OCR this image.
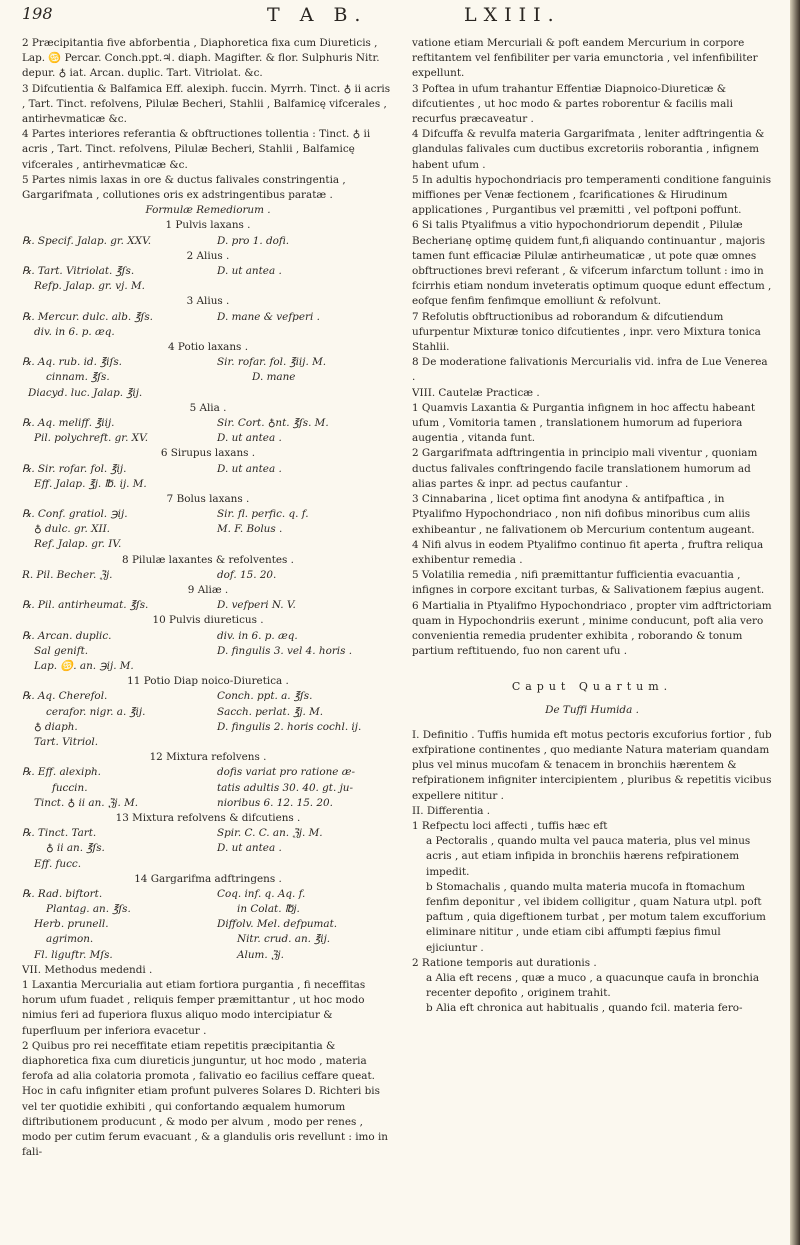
198	T A B.	LXIII.
2 Præcipitantia five abforbentia , Diaphoretica fixa cum Diureticis , Lap. ♋ Percar. Conch.ppt.♃. diaph. Magifter. & flor. Sulphuris Nitr. depur. ♁ iat. Arcan. duplic. Tart. Vitriolat. &c.
3 Difcutientia & Balfamica Eff. alexiph. fuccin. Myrrh. Tinct. ♁ ii acris , Tart. Tinct. refolvens, Pilulæ Becheri, Stahlii , Balfamicę vifcerales , antirhevmaticæ &c.
4 Partes interiores referantia & obftructiones tollentia : Tinct. ♁ ii acris , Tart. Tinct. refolvens, Pilulæ Becheri, Stahlii , Balfamicę vifcerales , antirhevmaticæ &c.
5 Partes nimis laxas in ore & ductus falivales constringentia , Gargarifmata , collutiones oris ex adstringentibus paratæ .
Formulæ Remediorum .
1 Pulvis laxans .
℞. Specif. Jalap. gr. XXV.	D. pro 1. dofi.
2 Alius .
℞. Tart. Vitriolat. ℥ſs.	D. ut antea .
Refp. Jalap. gr. vj. M.
3 Alius .
℞. Mercur. dulc. alb. ℥ſs.	D. mane & vefperi .
div. in 6. p. æq.
4 Potio laxans .
℞. Aq. rub. id. ℥iſs.	Sir. rofar. fol. ℥iij. M.
cinnam. ℥ſs.	D. mane
Diacyd. luc. Jalap. ℥ij.
5 Alia .
℞. Aq. meliff. ℥iij.	Sir. Cort. ♁nt. ℥ſs. M.
Pil. polychreft. gr. XV.	D. ut antea .
6 Sirupus laxans .
℞. Sir. rofar. fol. ℥ij.	D. ut antea .
Eff. Jalap. ℥j. ℔. ij. M.
7 Bolus laxans .
℞. Conf. gratiol. ℈ij.	Sir. fl. perfic. q. f.
♁ dulc. gr. XII.	M. F. Bolus .
Ref. Jalap. gr. IV.
8 Pilulæ laxantes & refolventes .
R. Pil. Becher. ℨj.	dof. 15. 20.
9 Aliæ .
℞. Pil. antirheumat. ℥ſs.	D. vefperi N. V.
10 Pulvis diureticus .
℞. Arcan. duplic.	div. in 6. p. æq.
Sal genift.	D. fingulis 3. vel 4. horis .
Lap. ♋. an. ℈ij. M.
11 Potio Diap noico-Diuretica .
℞. Aq. Cherefol.	Conch. ppt. a. ℥ſs.
cerafor. nigr. a. ℥ij.	Sacch. perlat. ℥j. M.
♁ diaph.	D. fingulis 2. horis cochl. ij.
Tart. Vitriol.
12 Mixtura refolvens .
℞. Eff. alexiph.	dofis variat pro ratione æ-
fuccin.	tatis adultis 30. 40. gt. ju-
Tinct. ♁ ii an. ℨj. M.	nioribus 6. 12. 15. 20.
13 Mixtura refolvens & difcutiens .
℞. Tinct. Tart.	Spir. C. C. an. ℨj. M.
♁ ii an. ℥ſs.	D. ut antea .
Eff. fucc.
14 Gargarifma adftringens .
℞. Rad. biftort.	Coq. inf. q. Aq. f.
Plantag. an. ℥ſs.	in Colat. ℔j.
Herb. prunell.	Diffolv. Mel. defpumat.
agrimon.	Nitr. crud. an. ℥ij.
Fl. liguftr. Mſs.	Alum. ℨj.
VII. Methodus medendi .
1 Laxantia Mercurialia aut etiam fortiora purgantia , fi neceffitas horum ufum fuadet , reliquis femper præmittantur , ut hoc modo nimius feri ad fuperiora fluxus aliquo modo intercipiatur & fuperfluum per inferiora evacetur .
2 Quibus pro rei neceffitate etiam repetitis præcipitantia & diaphoretica fixa cum diureticis junguntur, ut hoc modo , materia ferofa ad alia colatoria promota , falivatio eo facilius ceffare queat. Hoc in cafu infigniter etiam profunt pulveres Solares D. Richteri bis vel ter quotidie exhibiti , qui confortando æqualem humorum diftributionem producunt , & modo per alvum , modo per renes , modo per cutim ferum evacuant , & a glandulis oris revellunt : imo in fali-
vatione etiam Mercuriali & poft eandem Mercurium in corpore reftitantem vel fenfibiliter per varia emunctoria , vel infenfibiliter expellunt.
3 Poftea in ufum trahantur Effentiæ Diapnoico-Diureticæ & difcutientes , ut hoc modo & partes roborentur & facilis mali recurfus præcaveatur .
4 Difcuffa & revulfa materia Gargarifmata , leniter adftringentia & glandulas falivales cum ductibus excretoriis roborantia , infignem habent ufum .
5 In adultis hypochondriacis pro temperamenti conditione fanguinis miffiones per Venæ fectionem , fcarificationes & Hirudinum applicationes , Purgantibus vel præmitti , vel poftponi poffunt.
6 Si talis Ptyalifmus a vitio hypochondriorum dependit , Pilulæ Becherianę optimę quidem funt,fi aliquando continuantur , majoris tamen funt efficaciæ Pilulæ antirheumaticæ , ut pote quæ omnes obftructiones brevi referant , & vifcerum infarctum tollunt : imo in fcirrhis etiam nondum inveteratis optimum quoque edunt effectum , eofque fenfim fenfimque emolliunt & refolvunt.
7 Refolutis obftructionibus ad roborandum & difcutiendum ufurpentur Mixturæ tonico difcutientes , inpr. vero Mixtura tonica Stahlii.
8 De moderatione falivationis Mercurialis vid. infra de Lue Venerea .
VIII. Cautelæ Practicæ .
1 Quamvis Laxantia & Purgantia infignem in hoc affectu habeant ufum , Vomitoria tamen , translationem humorum ad fuperiora augentia , vitanda funt.
2 Gargarifmata adftringentia in principio mali viventur , quoniam ductus falivales conftringendo facile translationem humorum ad alias partes & inpr. ad pectus caufantur .
3 Cinnabarina , licet optima fint anodyna & antifpaftica , in Ptyalifmo Hypochondriaco , non nifi dofibus minoribus cum aliis exhibeantur , ne falivationem ob Mercurium contentum augeant.
4 Nifi alvus in eodem Ptyalifmo continuo fit aperta , fruftra reliqua exhibentur remedia .
5 Volatilia remedia , nifi præmittantur fufficientia evacuantia , infignes in corpore excitant turbas, & Salivationem fæpius augent.
6 Martialia in Ptyalifmo Hypochondriaco , propter vim adftrictoriam quam in Hypochondriis exerunt , minime conducunt, poft alia vero convenientia remedia prudenter exhibita , roborando & tonum partium reftituendo, fuo non carent ufu .
Caput Quartum.
De Tuffi Humida .
I. Definitio . Tuffis humida eft motus pectoris excuforius fortior , fub exfpiratione continentes , quo mediante Natura materiam quandam plus vel minus mucofam & tenacem in bronchiis hærentem & refpirationem infigniter intercipientem , pluribus & repetitis vicibus expellere nititur .
II. Differentia .
1 Refpectu loci affecti , tuffis hæc eft
a Pectoralis , quando multa vel pauca materia, plus vel minus acris , aut etiam infipida in bronchiis hærens refpirationem impedit.
b Stomachalis , quando multa materia mucofa in ftomachum fenfim deponitur , vel ibidem colligitur , quam Natura utpl. poft paftum , quia digeftionem turbat , per motum talem excufforium eliminare nititur , unde etiam cibi affumpti fæpius fimul ejiciuntur .
2 Ratione temporis aut durationis .
a Alia eft recens , quæ a muco , a quacunque caufa in bronchia recenter depofito , originem trahit.
b Alia eft chronica aut habitualis , quando fcil. materia fero-
